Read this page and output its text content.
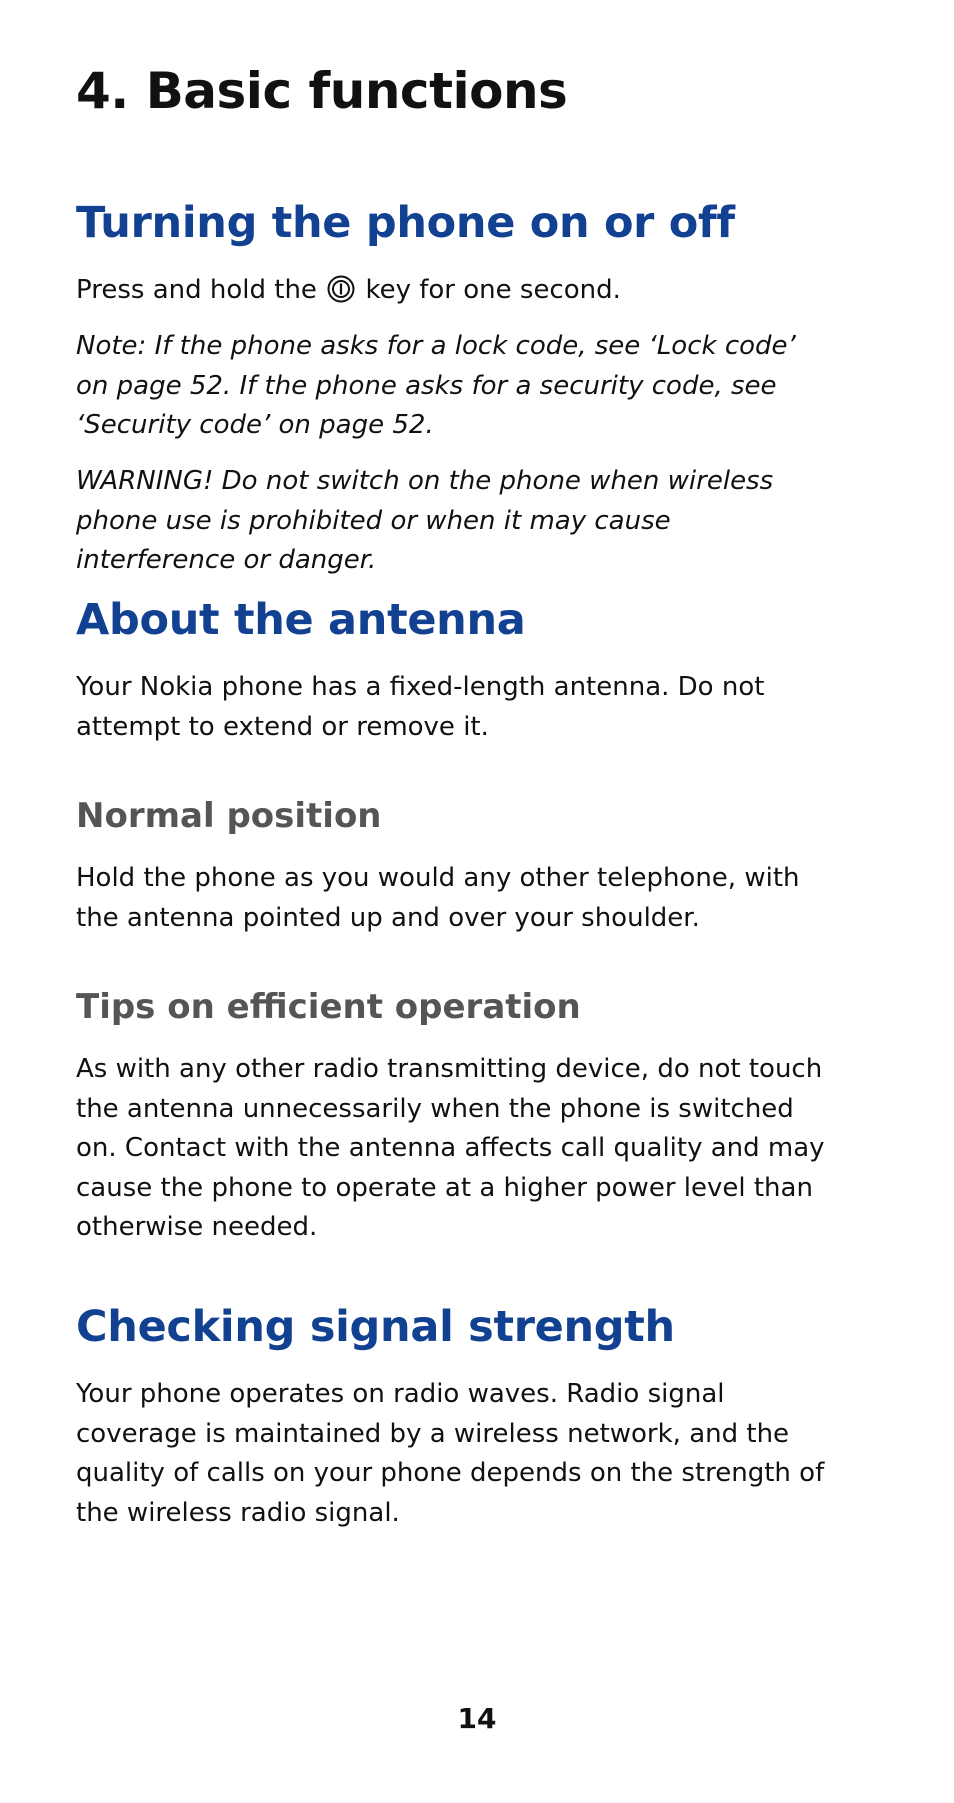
4. Basic functions
Turning the phone on or off

Press and hold the key for one second.

Note: If the phone asks for a lock code, see ‘Lock code’ on page 52. If the phone asks for a security code, see ‘Security code’ on page 52.

WARNING! Do not switch on the phone when wireless phone use is prohibited or when it may cause interference or danger.

About the antenna

Your Nokia phone has a fixed-length antenna. Do not attempt to extend or remove it.

Normal position

Hold the phone as you would any other telephone, with the antenna pointed up and over your shoulder.

Tips on efficient operation

As with any other radio transmitting device, do not touch the antenna unnecessarily when the phone is switched on. Contact with the antenna affects call quality and may cause the phone to operate at a higher power level than otherwise needed.

Checking signal strength

Your phone operates on radio waves. Radio signal coverage is maintained by a wireless network, and the quality of calls on your phone depends on the strength of the wireless radio signal.

14
